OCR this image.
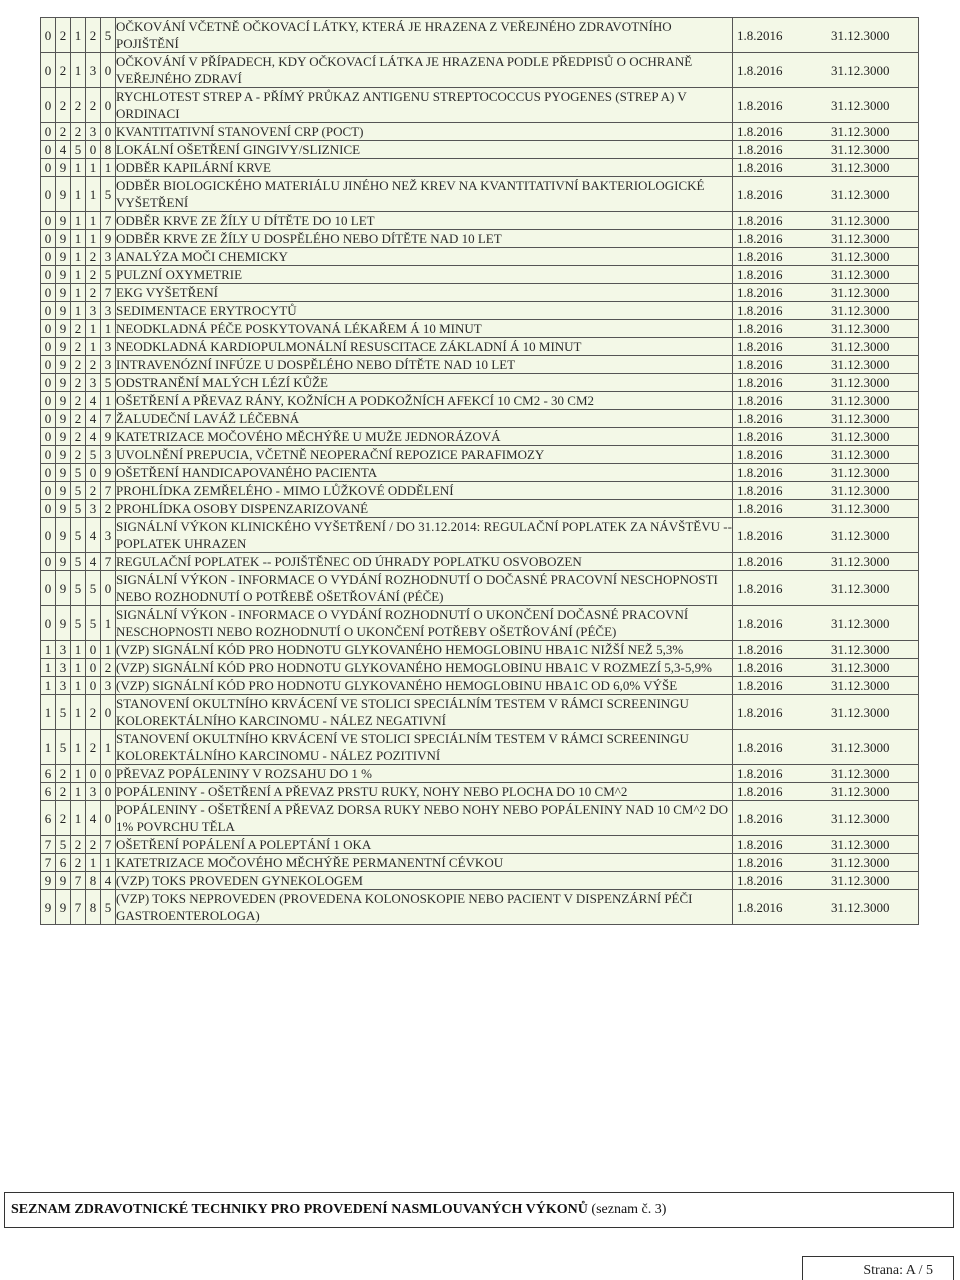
0	2	1	2	5	OČKOVÁNÍ VČETNĚ OČKOVACÍ LÁTKY, KTERÁ JE HRAZENA Z VEŘEJNÉHO ZDRAVOTNÍHO POJIŠTĚNÍ	1.8.2016 31.12.3000

0	2	1	3	0	OČKOVÁNÍ V PŘÍPADECH, KDY OČKOVACÍ LÁTKA JE HRAZENA PODLE PŘEDPISŮ O OCHRANĚ VEŘEJNÉHO ZDRAVÍ	1.8.2016 31.12.3000

0	2	2	2	0	RYCHLOTEST STREP A - PŘÍMÝ PRŮKAZ ANTIGENU STREPTOCOCCUS PYOGENES (STREP A) V ORDINACI	1.8.2016 31.12.3000

0	2	2	3	0	KVANTITATIVNÍ STANOVENÍ CRP (POCT)	1.8.2016 31.12.3000

0	4	5	0	8	LOKÁLNÍ OŠETŘENÍ GINGIVY/SLIZNICE	1.8.2016 31.12.3000

0	9	1	1	1	ODBĚR KAPILÁRNÍ KRVE	1.8.2016 31.12.3000

0	9	1	1	5	ODBĚR BIOLOGICKÉHO MATERIÁLU JINÉHO NEŽ KREV NA KVANTITATIVNÍ BAKTERIOLOGICKÉ VYŠETŘENÍ	1.8.2016 31.12.3000

0	9	1	1	7	ODBĚR KRVE ZE ŽÍLY U DÍTĚTE DO 10 LET	1.8.2016 31.12.3000

0	9	1	1	9	ODBĚR KRVE ZE ŽÍLY U DOSPĚLÉHO NEBO DÍTĚTE NAD 10 LET	1.8.2016 31.12.3000

0	9	1	2	3	ANALÝZA MOČI CHEMICKY	1.8.2016 31.12.3000

0	9	1	2	5	PULZNÍ OXYMETRIE	1.8.2016 31.12.3000

0	9	1	2	7	EKG VYŠETŘENÍ	1.8.2016 31.12.3000

0	9	1	3	3	SEDIMENTACE ERYTROCYTŮ	1.8.2016 31.12.3000

0	9	2	1	1	NEODKLADNÁ PÉČE POSKYTOVANÁ LÉKAŘEM Á 10 MINUT	1.8.2016 31.12.3000

0	9	2	1	3	NEODKLADNÁ KARDIOPULMONÁLNÍ RESUSCITACE ZÁKLADNÍ Á 10 MINUT	1.8.2016 31.12.3000

0	9	2	2	3	INTRAVENÓZNÍ INFÚZE U DOSPĚLÉHO NEBO DÍTĚTE NAD 10 LET	1.8.2016 31.12.3000

0	9	2	3	5	ODSTRANĚNÍ MALÝCH LÉZÍ KŮŽE	1.8.2016 31.12.3000

0	9	2	4	1	OŠETŘENÍ A PŘEVAZ RÁNY, KOŽNÍCH A PODKOŽNÍCH AFEKCÍ 10 CM2 - 30 CM2	1.8.2016 31.12.3000

0	9	2	4	7	ŽALUDEČNÍ LAVÁŽ LÉČEBNÁ	1.8.2016 31.12.3000

0	9	2	4	9	KATETRIZACE MOČOVÉHO MĚCHÝŘE U MUŽE JEDNORÁZOVÁ	1.8.2016 31.12.3000

0	9	2	5	3	UVOLNĚNÍ PREPUCIA, VČETNĚ NEOPERAČNÍ REPOZICE PARAFIMOZY	1.8.2016 31.12.3000

0	9	5	0	9	OŠETŘENÍ HANDICAPOVANÉHO PACIENTA	1.8.2016 31.12.3000

0	9	5	2	7	PROHLÍDKA ZEMŘELÉHO - MIMO LŮŽKOVÉ ODDĚLENÍ	1.8.2016 31.12.3000

0	9	5	3	2	PROHLÍDKA OSOBY DISPENZARIZOVANÉ	1.8.2016 31.12.3000

0	9	5	4	3	SIGNÁLNÍ VÝKON KLINICKÉHO VYŠETŘENÍ / DO 31.12.2014: REGULAČNÍ POPLATEK ZA NÁVŠTĚVU -- POPLATEK UHRAZEN	1.8.2016 31.12.3000

0	9	5	4	7	REGULAČNÍ POPLATEK -- POJIŠTĚNEC OD ÚHRADY POPLATKU OSVOBOZEN	1.8.2016 31.12.3000

0	9	5	5	0	SIGNÁLNÍ VÝKON - INFORMACE O VYDÁNÍ ROZHODNUTÍ O DOČASNÉ PRACOVNÍ NESCHOPNOSTI NEBO ROZHODNUTÍ O POTŘEBĚ OŠETŘOVÁNÍ (PÉČE)	1.8.2016 31.12.3000

0	9	5	5	1	SIGNÁLNÍ VÝKON - INFORMACE O VYDÁNÍ ROZHODNUTÍ O UKONČENÍ DOČASNÉ PRACOVNÍ NESCHOPNOSTI NEBO ROZHODNUTÍ O UKONČENÍ POTŘEBY OŠETŘOVÁNÍ (PÉČE)	1.8.2016 31.12.3000

1	3	1	0	1	(VZP) SIGNÁLNÍ KÓD PRO HODNOTU GLYKOVANÉHO HEMOGLOBINU HBA1C NIŽŠÍ NEŽ 5,3%	1.8.2016 31.12.3000

1	3	1	0	2	(VZP) SIGNÁLNÍ KÓD PRO HODNOTU GLYKOVANÉHO HEMOGLOBINU HBA1C V ROZMEZÍ 5,3-5,9%	1.8.2016 31.12.3000

1	3	1	0	3	(VZP) SIGNÁLNÍ KÓD PRO HODNOTU GLYKOVANÉHO HEMOGLOBINU HBA1C OD 6,0% VÝŠE	1.8.2016 31.12.3000

1	5	1	2	0	STANOVENÍ OKULTNÍHO KRVÁCENÍ VE STOLICI SPECIÁLNÍM TESTEM V RÁMCI SCREENINGU KOLOREKTÁLNÍHO KARCINOMU - NÁLEZ NEGATIVNÍ	1.8.2016 31.12.3000

1	5	1	2	1	STANOVENÍ OKULTNÍHO KRVÁCENÍ VE STOLICI SPECIÁLNÍM TESTEM V RÁMCI SCREENINGU KOLOREKTÁLNÍHO KARCINOMU - NÁLEZ POZITIVNÍ	1.8.2016 31.12.3000

6	2	1	0	0	PŘEVAZ POPÁLENINY V ROZSAHU DO 1 %	1.8.2016 31.12.3000

6	2	1	3	0	POPÁLENINY - OŠETŘENÍ A PŘEVAZ PRSTU RUKY, NOHY NEBO PLOCHA DO 10 CM^2	1.8.2016 31.12.3000

6	2	1	4	0	POPÁLENINY - OŠETŘENÍ A PŘEVAZ DORSA RUKY NEBO NOHY NEBO POPÁLENINY NAD 10 CM^2 DO 1% POVRCHU TĚLA	1.8.2016 31.12.3000

7	5	2	2	7	OŠETŘENÍ POPÁLENÍ A POLEPTÁNÍ 1 OKA	1.8.2016 31.12.3000

7	6	2	1	1	KATETRIZACE MOČOVÉHO MĚCHÝŘE PERMANENTNÍ CÉVKOU	1.8.2016 31.12.3000

9	9	7	8	4	(VZP) TOKS PROVEDEN GYNEKOLOGEM	1.8.2016 31.12.3000

9	9	7	8	5	(VZP) TOKS NEPROVEDEN (PROVEDENA KOLONOSKOPIE NEBO PACIENT V DISPENZÁRNÍ PÉČI GASTROENTEROLOGA)	1.8.2016 31.12.3000
SEZNAM ZDRAVOTNICKÉ TECHNIKY PRO PROVEDENÍ NASMLOUVANÝCH VÝKONŮ (seznam č. 3)
Strana: A / 5
